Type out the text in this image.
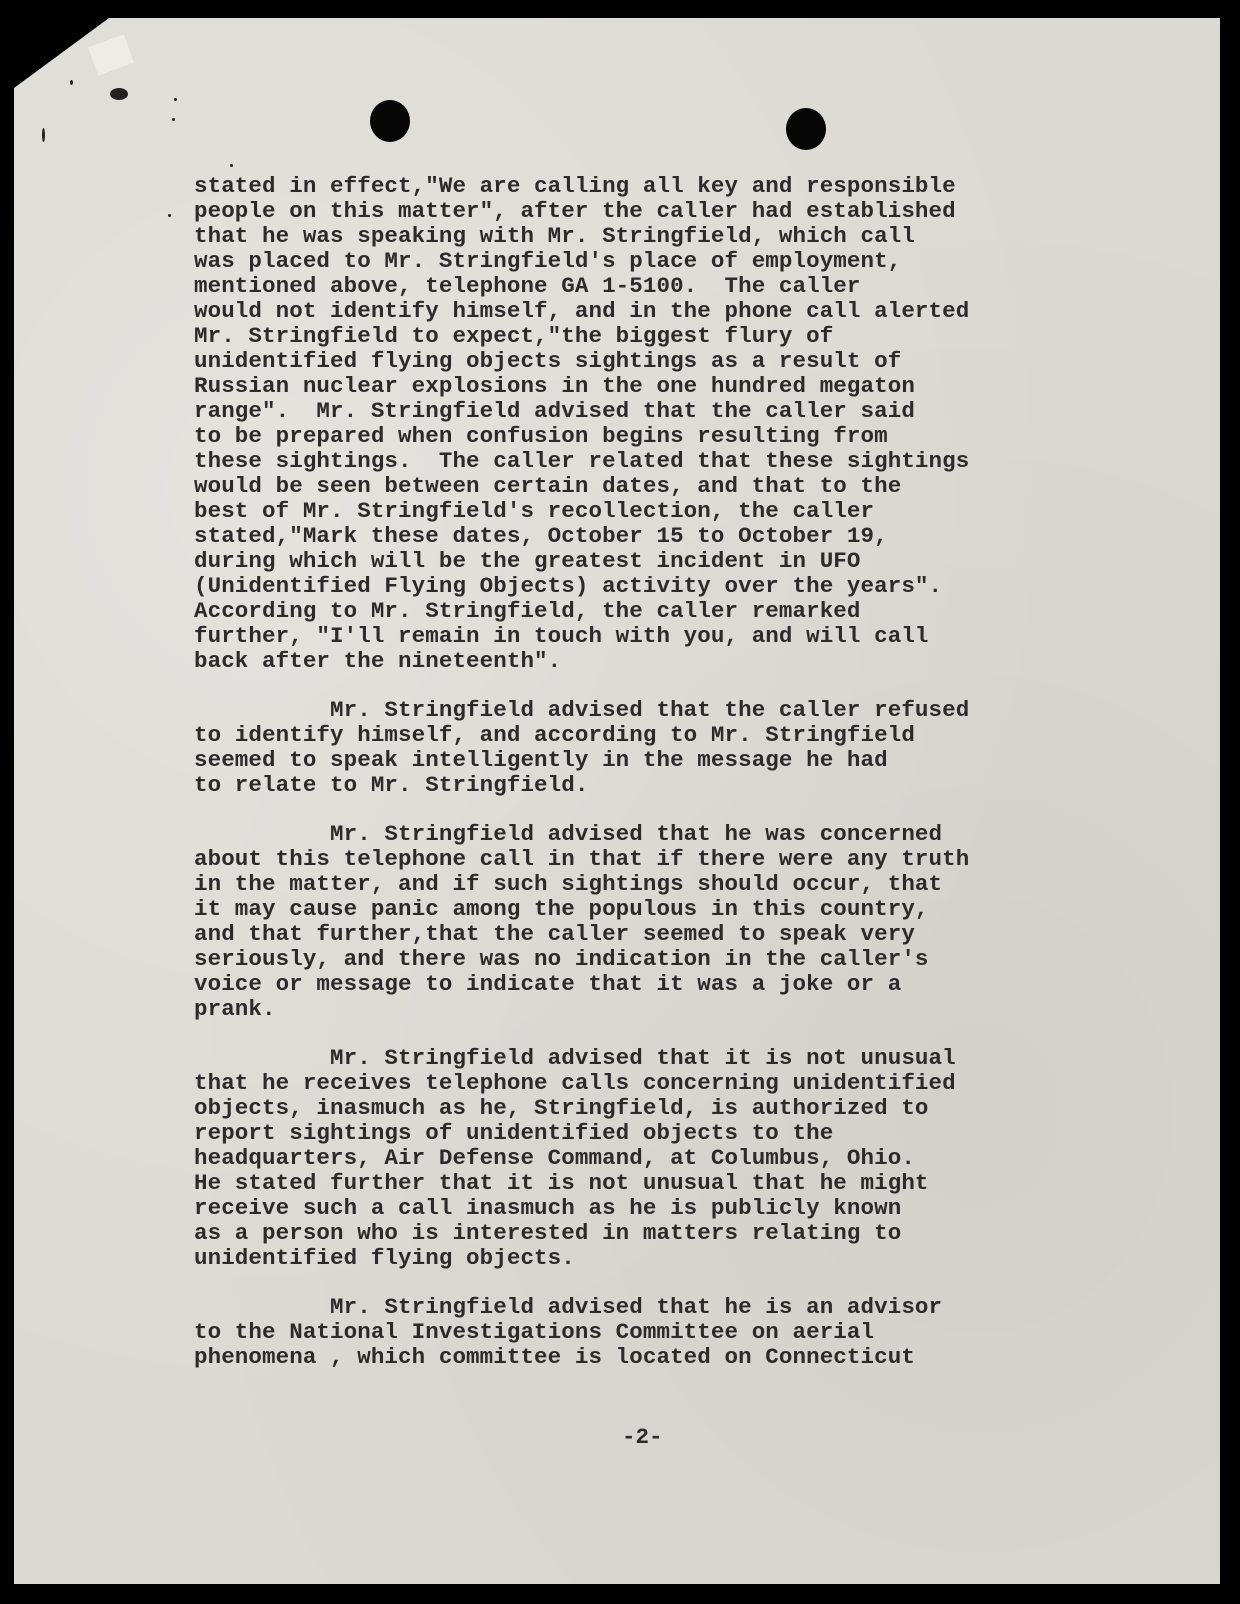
stated in effect,"We are calling all key and responsible
people on this matter", after the caller had established
that he was speaking with Mr. Stringfield, which call
was placed to Mr. Stringfield's place of employment,
mentioned above, telephone GA 1-5100.  The caller
would not identify himself, and in the phone call alerted
Mr. Stringfield to expect,"the biggest flury of
unidentified flying objects sightings as a result of
Russian nuclear explosions in the one hundred megaton
range".  Mr. Stringfield advised that the caller said
to be prepared when confusion begins resulting from
these sightings.  The caller related that these sightings
would be seen between certain dates, and that to the
best of Mr. Stringfield's recollection, the caller
stated,"Mark these dates, October 15 to October 19,
during which will be the greatest incident in UFO
(Unidentified Flying Objects) activity over the years".
According to Mr. Stringfield, the caller remarked
further, "I'll remain in touch with you, and will call
back after the nineteenth".
Mr. Stringfield advised that the caller refused
to identify himself, and according to Mr. Stringfield
seemed to speak intelligently in the message he had
to relate to Mr. Stringfield.
Mr. Stringfield advised that he was concerned
about this telephone call in that if there were any truth
in the matter, and if such sightings should occur, that
it may cause panic among the populous in this country,
and that further,that the caller seemed to speak very
seriously, and there was no indication in the caller's
voice or message to indicate that it was a joke or a
prank.
Mr. Stringfield advised that it is not unusual
that he receives telephone calls concerning unidentified
objects, inasmuch as he, Stringfield, is authorized to
report sightings of unidentified objects to the
headquarters, Air Defense Command, at Columbus, Ohio.
He stated further that it is not unusual that he might
receive such a call inasmuch as he is publicly known
as a person who is interested in matters relating to
unidentified flying objects.
Mr. Stringfield advised that he is an advisor
to the National Investigations Committee on aerial
phenomena , which committee is located on Connecticut

-2-
